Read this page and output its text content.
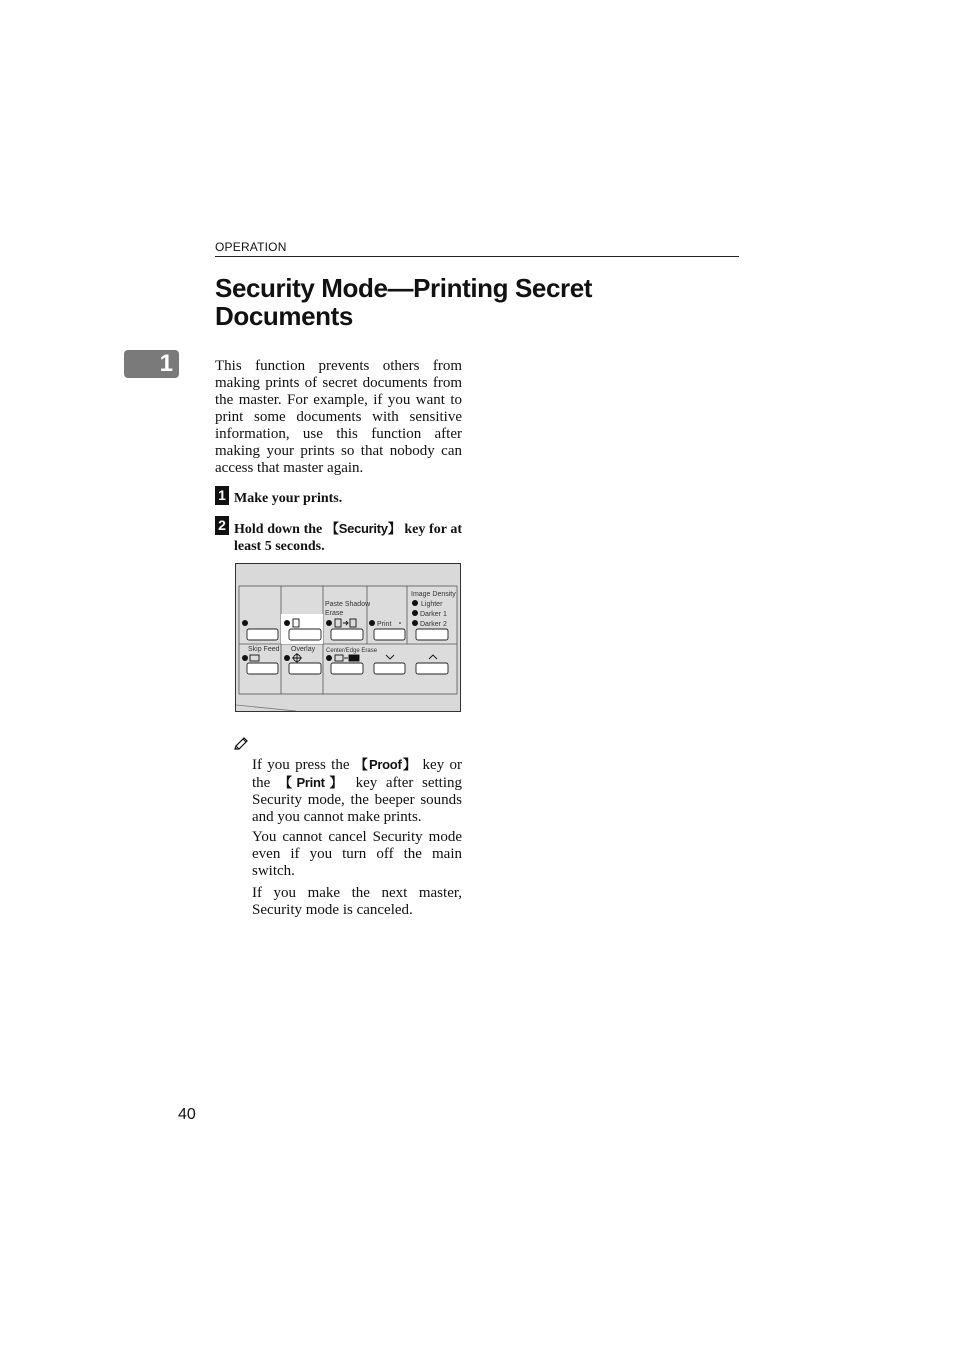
OPERATION
Security Mode—Printing Secret
Documents
1	This function prevents others from making prints of secret documents from the master. For example, if you want to print some documents with sensitive information, use this function after making your prints so that nobody can access that master again.

1 Make your prints.
2 Hold down the 【Security】 key for at least 5 seconds.
Paste Shadow
Erase
Image Density
Lighter
Darker 1
Darker 2
Print
Skip Feed Overlay Center/Edge Erase

If you press the 【Proof】 key or the 【Print】 key after setting Security mode, the beeper sounds and you cannot make prints.

You cannot cancel Security mode even if you turn off the main switch.

If you make the next master, Security mode is canceled.

40
